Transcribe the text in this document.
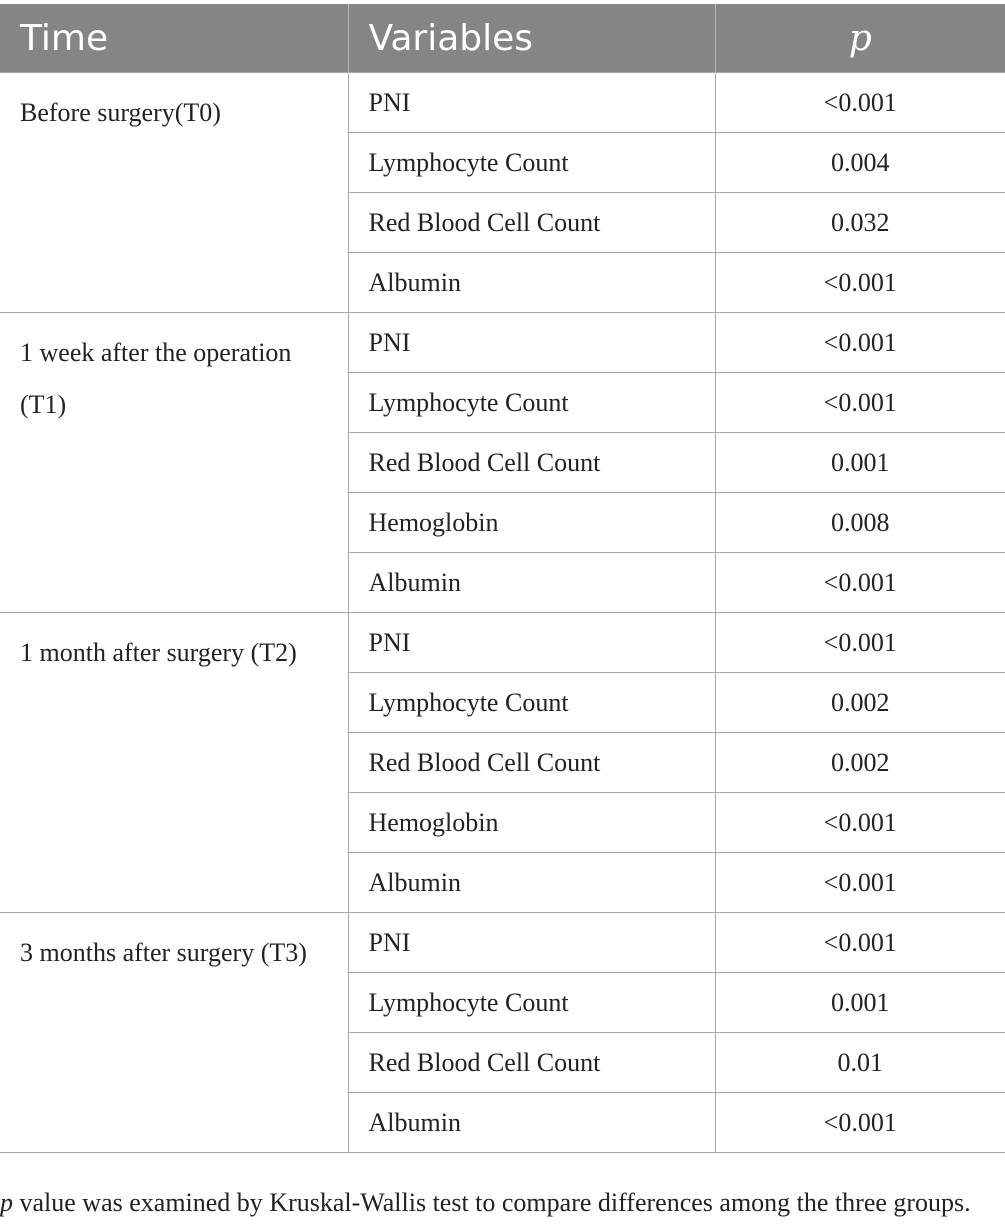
Time	Variables	p
Before surgery(T0)	PNI	<0.001
	Lymphocyte Count	0.004
	Red Blood Cell Count	0.032
	Albumin	<0.001
1 week after the operation (T1)	PNI	<0.001
	Lymphocyte Count	<0.001
	Red Blood Cell Count	0.001
	Hemoglobin	0.008
	Albumin	<0.001
1 month after surgery (T2)	PNI	<0.001
	Lymphocyte Count	0.002
	Red Blood Cell Count	0.002
	Hemoglobin	<0.001
	Albumin	<0.001
3 months after surgery (T3)	PNI	<0.001
	Lymphocyte Count	0.001
	Red Blood Cell Count	0.01
	Albumin	<0.001
p value was examined by Kruskal-Wallis test to compare differences among the three groups.
